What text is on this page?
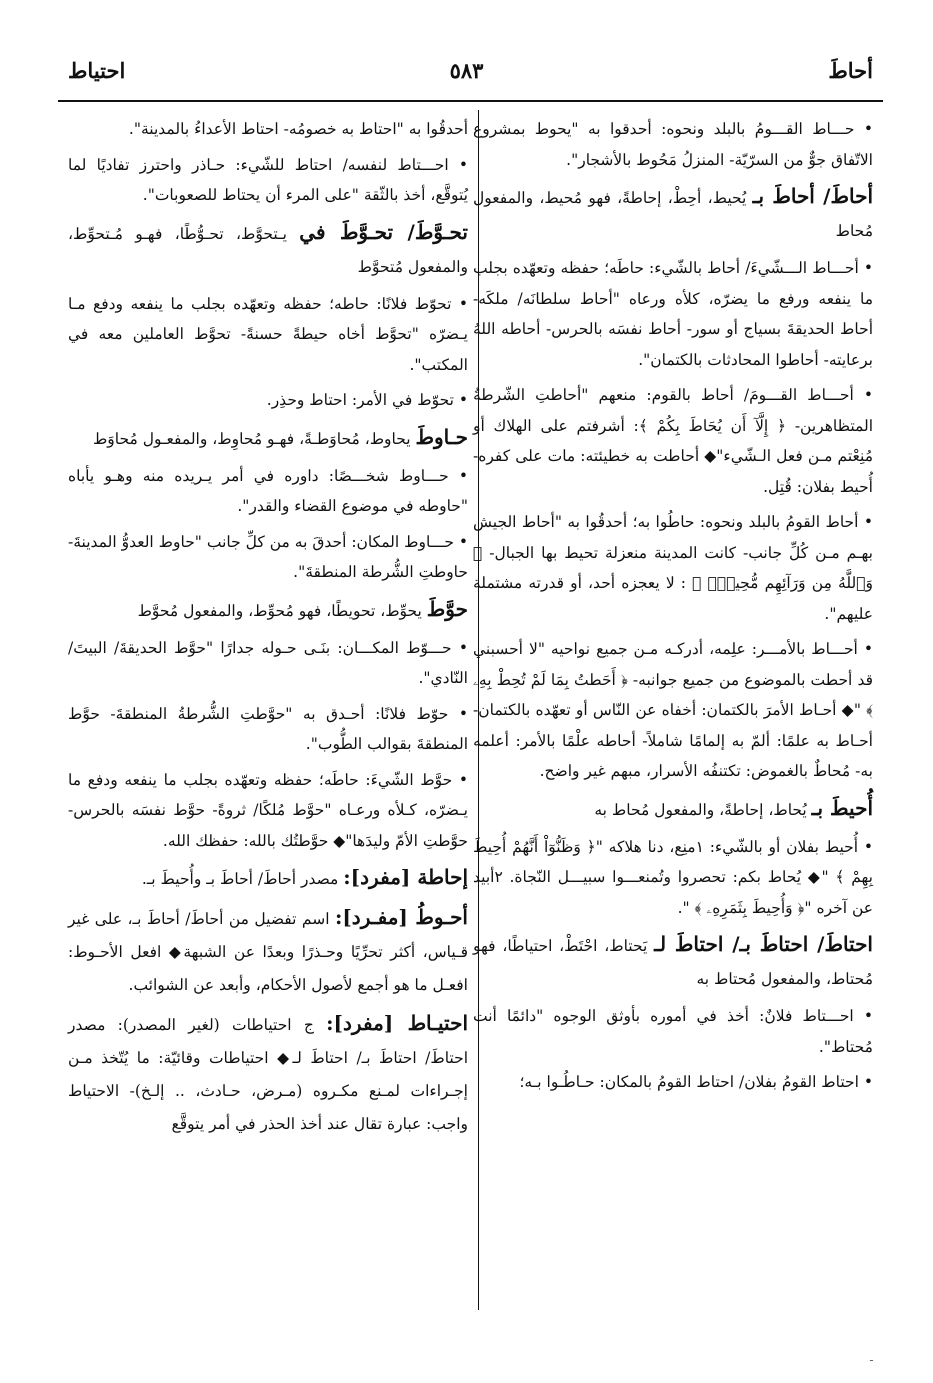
أحاطَ
٥٨٣
احتياط

• حـــاط القـــومُ بالبلد ونحوه: أحدقوا به "يحوط بمشروع الاتّفاق جوٌّ من السرّيّة- المنزلُ مَحُوط بالأشجار".

أحاطَ/ أحاطَ بـ يُحيط، أحِطْ، إحاطةً، فهو مُحيط، والمفعول مُحاط

• أحـــاط الـــشّيءَ/ أحاط بالشّيء: حاطَه؛ حفظه وتعهّده بجلب ما ينفعه ورفع ما يضرّه، كلأه ورعاه "أحاط سلطانَه/ ملكَه- أحاط الحديقةَ بسياج أو سور- أحاط نفسَه بالحرس- أحاطه اللهُ برعايته- أحاطوا المحادثات بالكتمان".

• أحـــاط القـــومَ/ أحاط بالقوم: منعهم "أحاطتِ الشّرطةُ المتظاهرين- ﴿ إِلَّآ أَن يُحَاطَ بِكُمْ ﴾: أشرفتم على الهلاك أو مُنِعْتم مـن فعل الـشّيء"◆ أحاطت به خطيئته: مات على كفره- أُحيط بفلان: قُتِل.

• أحاط القومُ بالبلد ونحوه: حاطُوا به؛ أحدقُوا به "أحاط الجيش بهـم مـن كُلِّ جانب- كانت المدينة منعزلة تحيط بها الجبال- ﴿ وَٱللَّهُ مِن وَرَآئِهِم مُّحِيطٌۢ ﴾ : لا يعجزه أحد، أو قدرته مشتملة عليهم".

• أحـــاط بالأمـــر: علِمه، أدركـه مـن جميع نواحيه "لا أحسبني قد أحطت بالموضوع من جميع جوانبه- ﴿ أَحَطتُ بِمَا لَمْ تُحِطْ بِهِۦ ﴾ "◆ أحـاط الأمرَ بالكتمان: أخفاه عن النّاس أو تعهّده بالكتمان- أحـاط به علمًا: ألمّ به إلمامًا شاملاً- أحاطه علْمًا بالأمر: أعلمه به- مُحاطٌ بالغموض: تكتنفُه الأسرار، مبهم غير واضح.

أُحيطَ بـ يُحاط، إحاطةً، والمفعول مُحاط به

• أُحيط بفلان أو بالشّيء: ١منِع، دنا هلاكه "﴿ وَظَنُّوٓاْ أَنَّهُمْ أُحِيطَ بِهِمْ ﴾ "◆ يُحاط بكم: تحصروا وتُمنعـــوا سبيـــل النّجاة. ٢أبيد عن آخره "﴿ وَأُحِيطَ بِثَمَرِهِۦ ﴾ ".

احتاطَ/ احتاطَ بـ/ احتاطَ لـ يَحتاط، احْتَطْ، احتياطًا، فهو مُحتاط، والمفعول مُحتاط به

• احـــتاط فلانٌ: أخذ في أموره بأوثق الوجوه "دائمًا أنت مُحتاط".

• احتاط القومُ بفلان/ احتاط القومُ بالمكان: حـاطُـوا بـه؛

أحدقُوا به "احتاط به خصومُه- احتاط الأعداءُ بالمدينة".

• احـــتاط لنفسه/ احتاط للشّيء: حـاذر واحترز تفاديًا لما يُتوقَّع، أخذ بالثّقة "على المرء أن يحتاط للصعوبات".

تحـوَّطَ/ تحـوَّطَ في يـتحوَّط، تحـوُّطًا، فهـو مُـتحوِّط، والمفعول مُتحوَّط

• تحوّط فلانًا: حاطه؛ حفظه وتعهّده بجلب ما ينفعه ودفع مـا يـضرّه "تحوَّط أخاه حيطةً حسنةً- تحوَّط العاملين معه في المكتب".

• تحوّط في الأمر: احتاط وحذِر.

حـاوطَ يحاوط، مُحاوَطـةً، فهـو مُحاوِط، والمفعـول مُحاوَط

• حـــاوط شخـــصًا: داوره في أمر يـريده منه وهـو يأباه "حاوطه في موضوع القضاء والقدر".

• حـــاوط المكان: أحدقَ به من كلِّ جانب "حاوط العدوُّ المدينةَ- حاوطتِ الشُّرطة المنطقةَ".

حوَّطَ يحوِّط، تحويطًا، فهو مُحوِّط، والمفعول مُحوَّط

• حـــوّط المكـــان: بنَـى حـوله جدارًا "حوَّط الحديقةَ/ البيتَ/ النّادي".

• حوّط فلانًا: أحـدق به "حوَّطتِ الشُّرطةُ المنطقةَ- حوَّط المنطقةَ بقوالب الطُّوب".

• حوَّط الشّيءَ: حاطَه؛ حفظه وتعهّده بجلب ما ينفعه ودفع ما يـضرّه، كـلأه ورعـاه "حوَّط مُلكًا/ ثروةً- حوَّط نفسَه بالحرس- حوَّطتِ الأمّ وليدَها"◆ حوَّطتُك بالله: حفظك الله.

إحاطة [مفرد]: مصدر أحاطَ/ أحاطَ بـ وأُحيطَ بـ.

أحـوطُ [مفـرد]: اسم تفضيل من أحاطَ/ أحاطَ بـ، على غير قـياس، أكثر تحرِّيًا وحـذرًا وبعدًا عن الشبهة◆ افعل الأحـوط: افعـل ما هو أجمع لأصول الأحكام، وأبعد عن الشوائب.

احتيـاط [مفرد]: ج احتياطات (لغير المصدر): مصدر احتاطَ/ احتاطَ بـ/ احتاطَ لـ◆ احتياطات وقائيّة: ما يُتّخذ مـن إجـراءات لمـنع مكـروه (مـرض، حـادث، .. إلـخ)- الاحتياط واجب: عبارة تقال عند أخذ الحذر في أمر يتوقَّع

ـ
